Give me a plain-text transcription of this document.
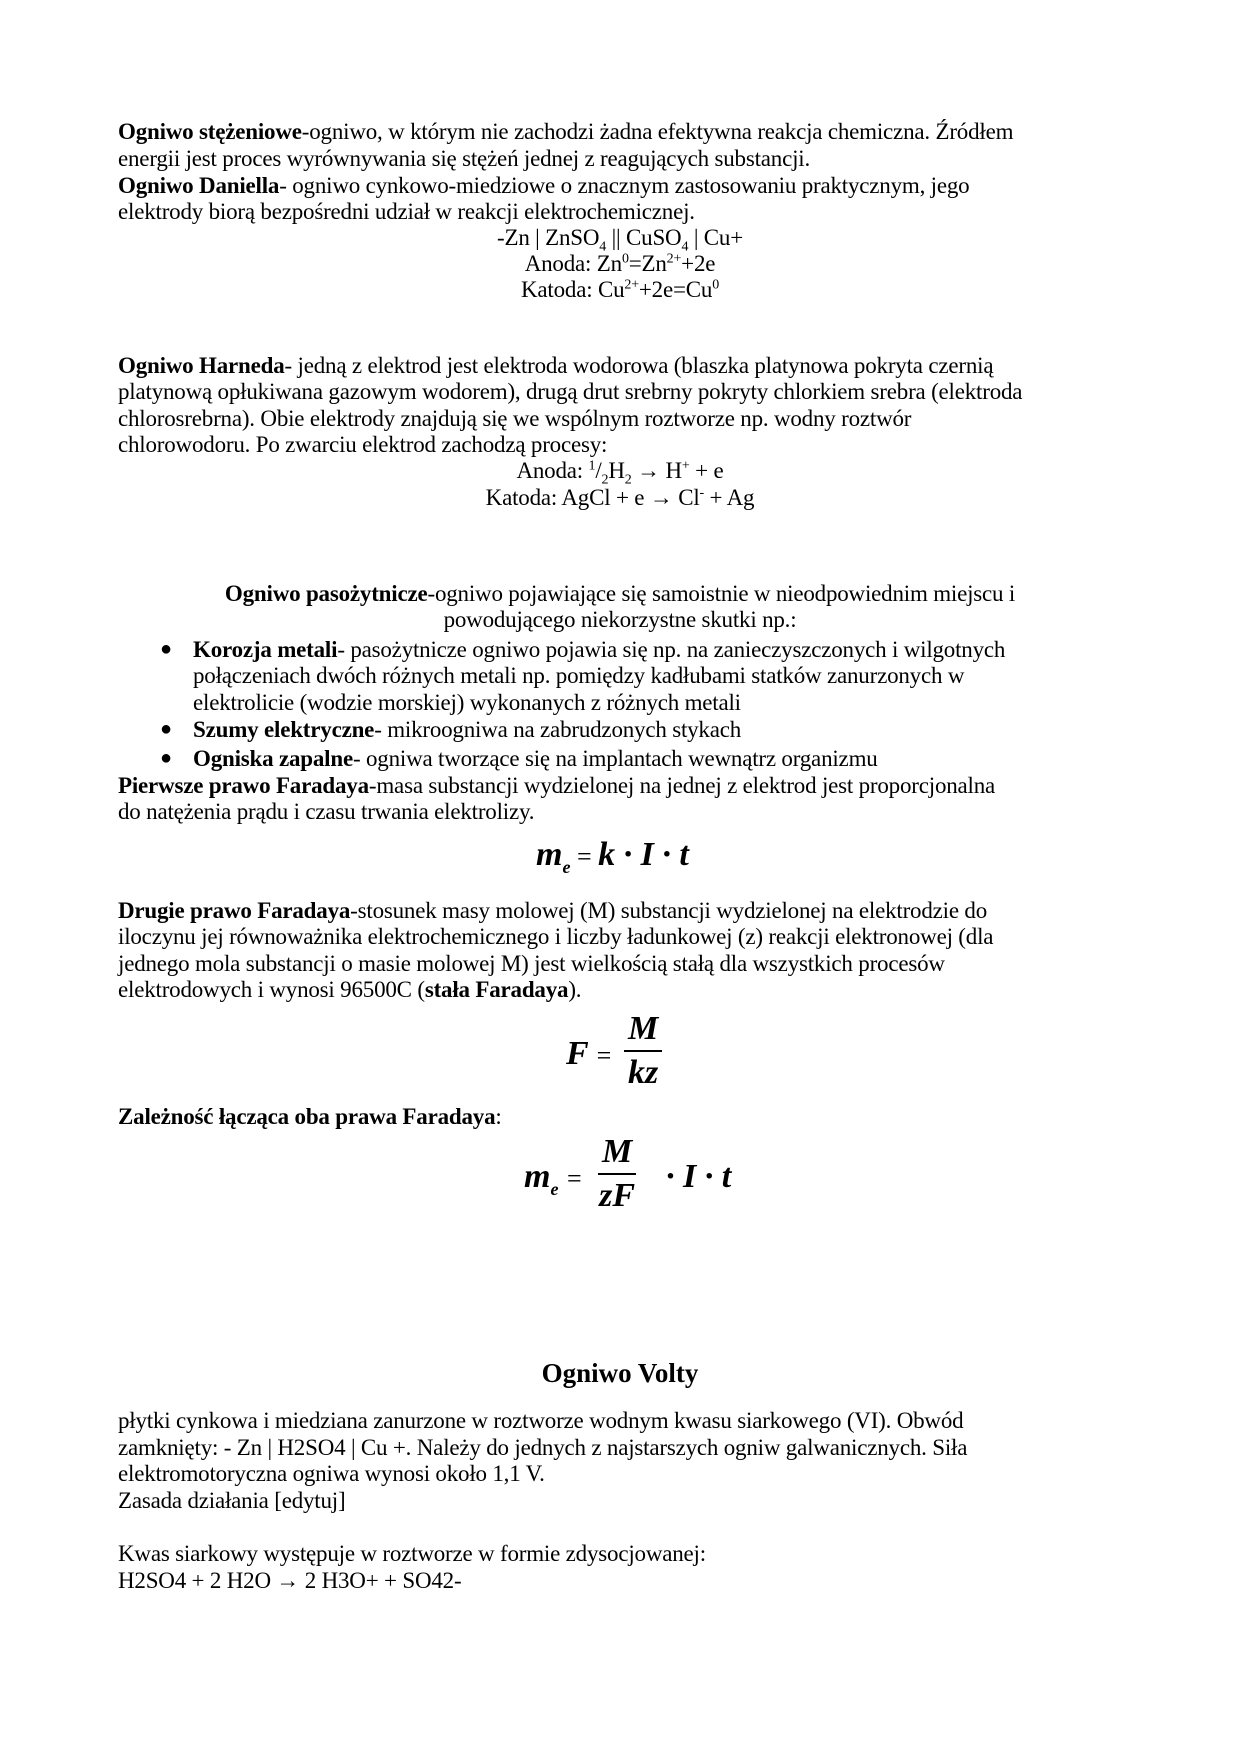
Ogniwo stężeniowe-ogniwo, w którym nie zachodzi żadna efektywna reakcja chemiczna. Źródłem
energii jest proces wyrównywania się stężeń jednej z reagujących substancji.
Ogniwo Daniella- ogniwo cynkowo-miedziowe o znacznym zastosowaniu praktycznym, jego
elektrody biorą bezpośredni udział w reakcji elektrochemicznej.
-Zn | ZnSO$_4$ || CuSO$_4$ | Cu+
Anoda: $Zn^0=Zn^{2+}+2e$
Katoda: $Cu^{2+}+2e=Cu^0$
Ogniwo Harneda- jedną z elektrod jest elektroda wodorowa (blaszka platynowa pokryta czernią
platynową opłukiwana gazowym wodorem), drugą drut srebrny pokryty chlorkiem srebra (elektroda
chlorosrebrna). Obie elektrody znajdują się we wspólnym roztworze np. wodny roztwór
chlorowodoru. Po zwarciu elektrod zachodzą procesy:
Anoda: $^1/_2H_2 \to H^+ + e$
Katoda: AgCl + e → Cl- + Ag
Ogniwo pasożytnicze-ogniwo pojawiające się samoistnie w nieodpowiednim miejscu i
powodującego niekorzystne skutki np.:
● Korozja metali- pasożytnicze ogniwo pojawia się np. na zanieczyszczonych i wilgotnych
połączeniach dwóch różnych metali np. pomiędzy kadłubami statków zanurzonych w
elektrolicie (wodzie morskiej) wykonanych z różnych metali
● Szumy elektryczne- mikroogniwa na zabrudzonych stykach
● Ogniska zapalne- ogniwa tworzące się na implantach wewnątrz organizmu
Pierwsze prawo Faradaya-masa substancji wydzielonej na jednej z elektrod jest proporcjonalna
do natężenia prądu i czasu trwania elektrolizy.
$m_e = k \cdot I \cdot t$
Drugie prawo Faradaya-stosunek masy molowej (M) substancji wydzielonej na elektrodzie do
iloczynu jej równoważnika elektrochemicznego i liczby ładunkowej (z) reakcji elektronowej (dla
jednego mola substancji o masie molowej M) jest wielkością stałą dla wszystkich procesów
elektrodowych i wynosi 96500C (stała Faradaya).
$F = \frac{M}{kz}$
Zależność łącząca oba prawa Faradaya:
$m_e = \frac{M}{zF} \cdot I \cdot t$
Ogniwo Volty
płytki cynkowa i miedziana zanurzone w roztworze wodnym kwasu siarkowego (VI). Obwód
zamknięty: - Zn | H2SO4 | Cu +. Należy do jednych z najstarszych ogniw galwanicznych. Siła
elektromotoryczna ogniwa wynosi około 1,1 V.
Zasada działania [edytuj]
Kwas siarkowy występuje w roztworze w formie zdysocjowanej:
H2SO4 + 2 H2O → 2 H3O+ + SO42-
